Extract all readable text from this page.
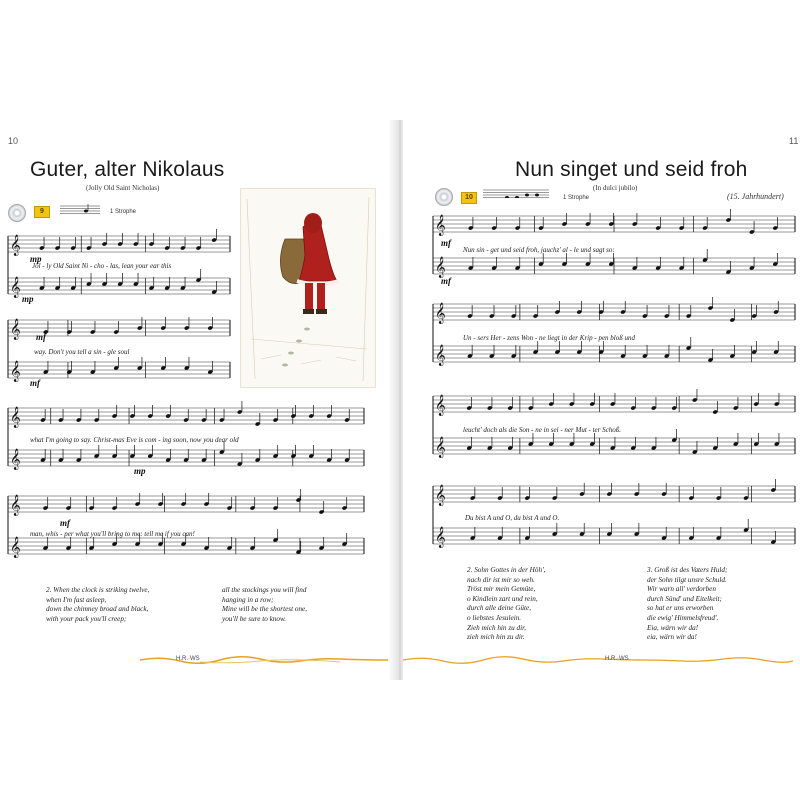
10
Guter, alter Nikolaus
(Jolly Old Saint Nicholas)
9	1 Strophe
𝄞
𝄞
mp
mp
Jol - ly Old Saint Ni - cho - las, lean your ear this
𝄞
𝄞
mf
mf
way. Don't you tell a sin - gle soul
𝄞
𝄞
mp
what I'm going to say. Christ-mas Eve is com - ing soon, now you dear old
𝄞
𝄞
mf
man, whis - per what you'll bring to me: tell me if you can!
2. When the clock is striking twelve,
when I'm fast asleep,
down the chimney broad and black,
with your pack you'll creep;
all the stockings you will find
hanging in a row;
Mine will be the shortest one,
you'll be sure to know.
H.R.·WS
11
Nun singet und seid froh
(In dulci jubilo)
(15. Jahrhundert)
10	1 Strophe
𝄞
𝄞
mf
mf
Nun sin - get und seid froh, jauchz' al - le und sagt so:
𝄞
𝄞
Un - sers Her - zens Won - ne liegt in der Krip - pen bloß und
𝄞
𝄞
leucht' doch als die Son - ne in sei - ner Mut - ter Schoß.
𝄞
𝄞
Du bist A und O, du bist A und O.
2. Sohn Gottes in der Höh',
nach dir ist mir so weh.
Tröst mir mein Gemüte,
o Kindlein zart und rein,
durch alle deine Güte,
o liebstes Jesulein.
Zieh mich hin zu dir,
zieh mich hin zu dir.
3. Groß ist des Vaters Huld;
der Sohn tilgt unsre Schuld.
Wir warn all' verdorben
durch Sünd' und Eitelkeit;
so hat er uns erworben
die ewig' Himmelsfreud'.
Eia, wärn wir da!
eia, wärn wir da!
H.R.·WS
